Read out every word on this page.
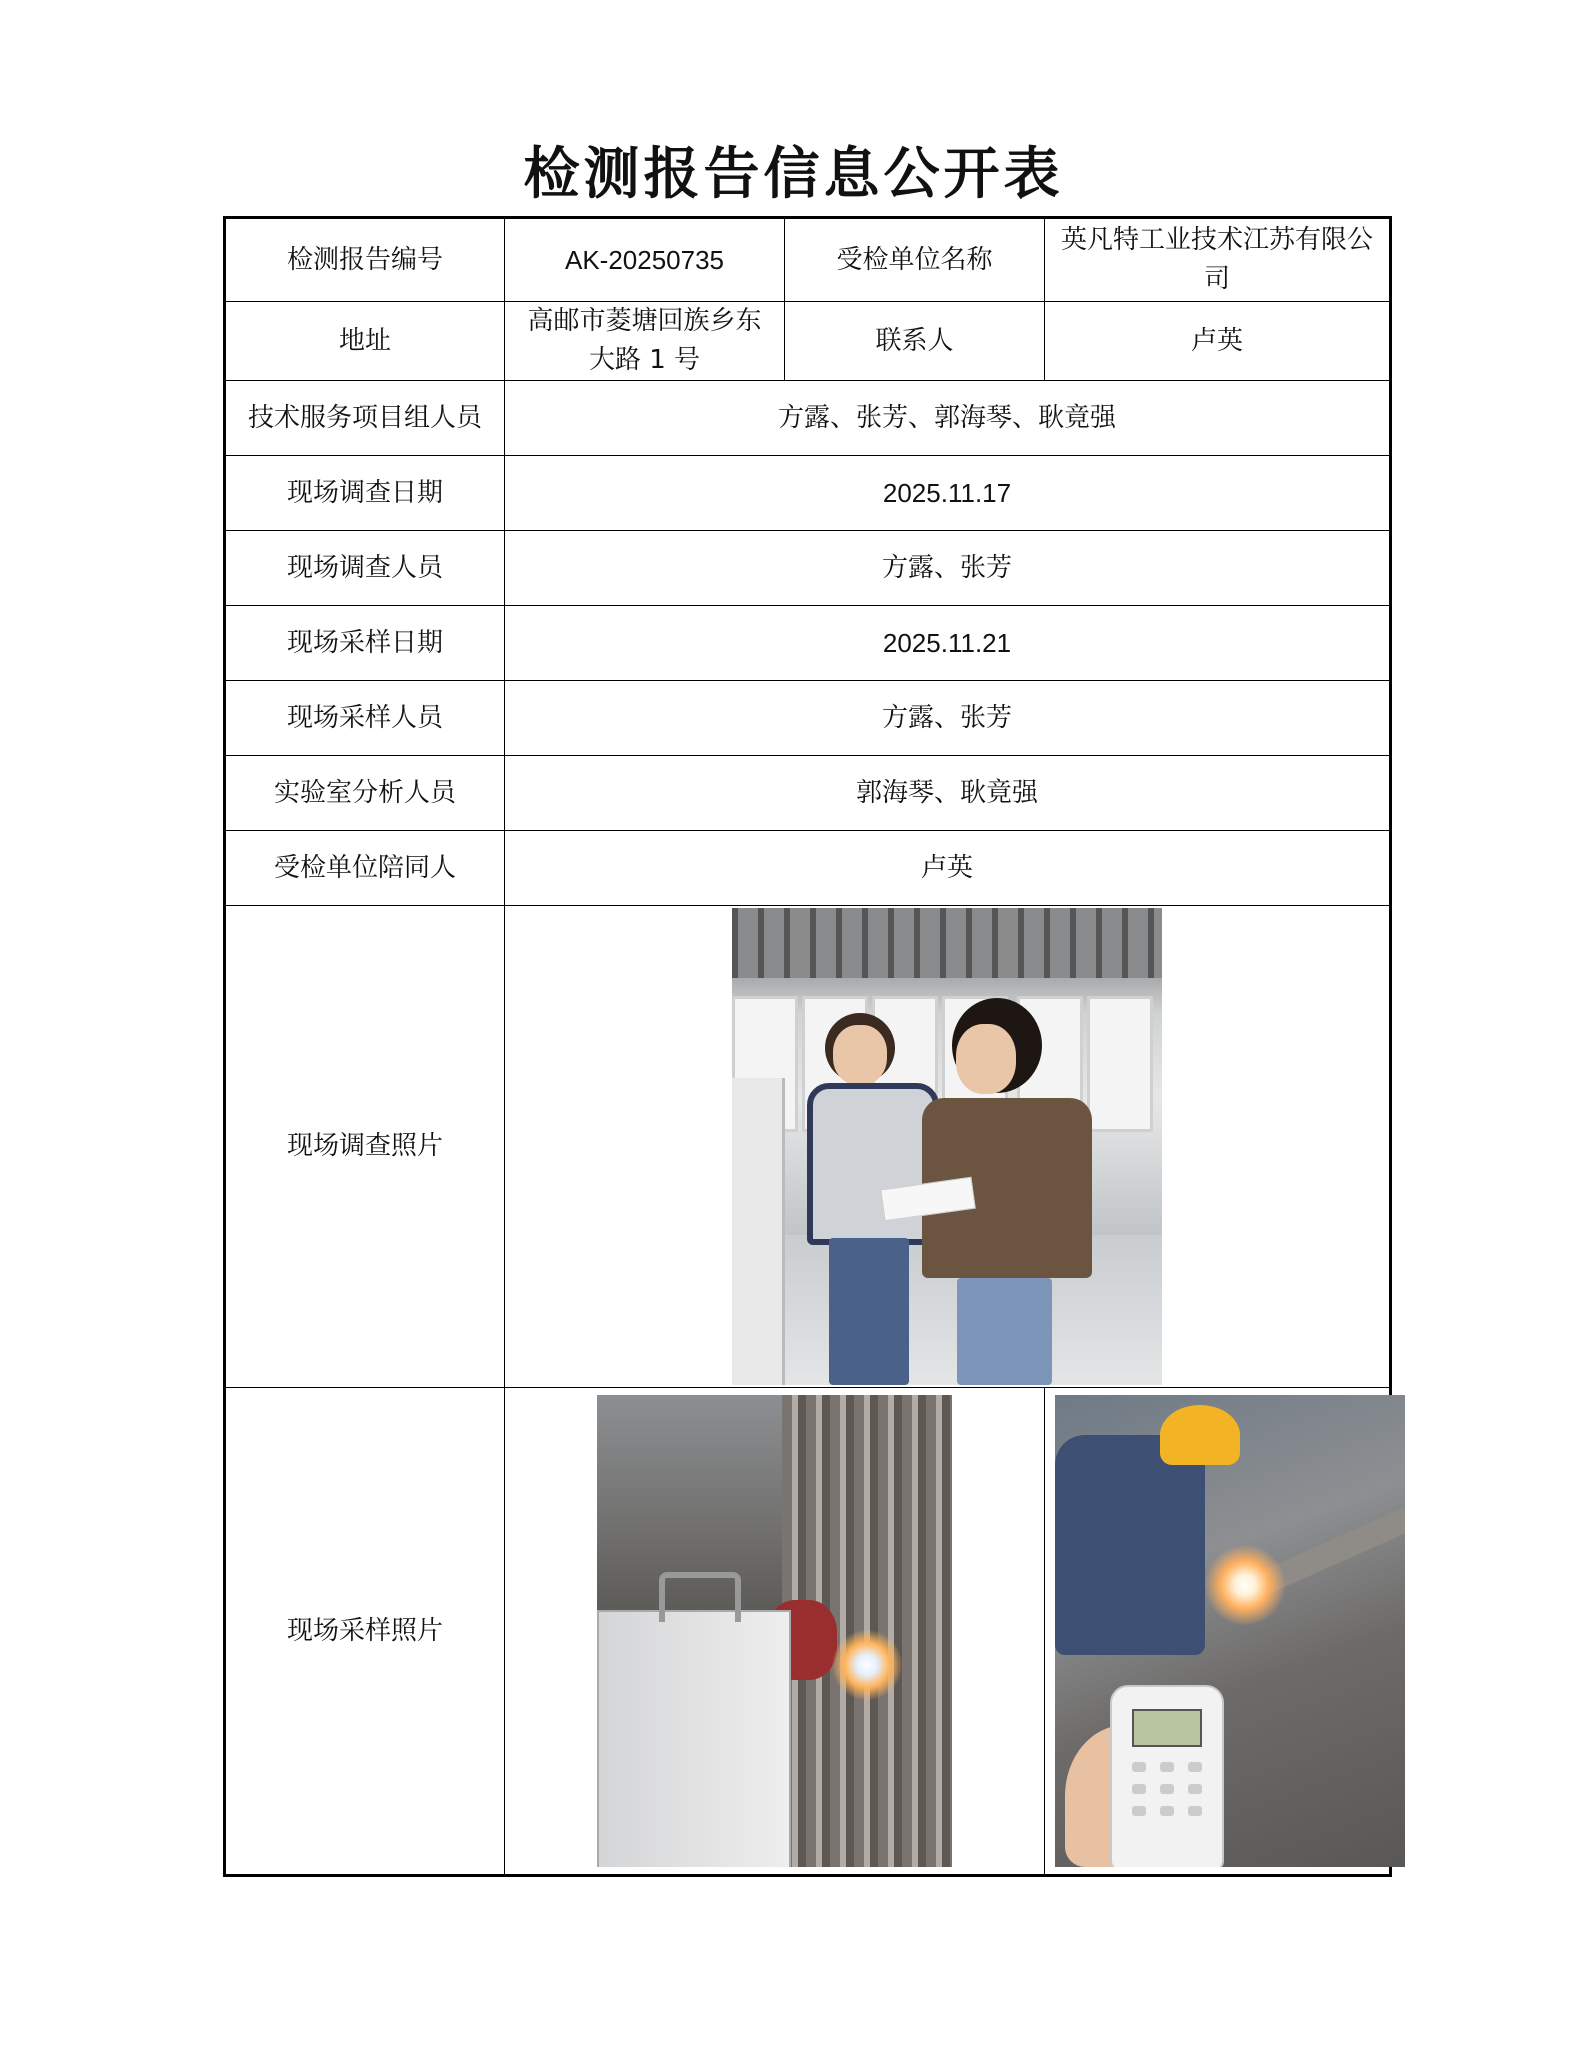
检测报告信息公开表
检测报告编号	AK-20250735	受检单位名称	英凡特工业技术江苏有限公司
地址	高邮市菱塘回族乡东大路 1 号	联系人	卢英
技术服务项目组人员	方露、张芳、郭海琴、耿竟强		
现场调查日期	2025.11.17		
现场调查人员	方露、张芳		
现场采样日期	2025.11.21		
现场采样人员	方露、张芳		
实验室分析人员	郭海琴、耿竟强		
受检单位陪同人	卢英		
现场调查照片			

现场采样照片		
